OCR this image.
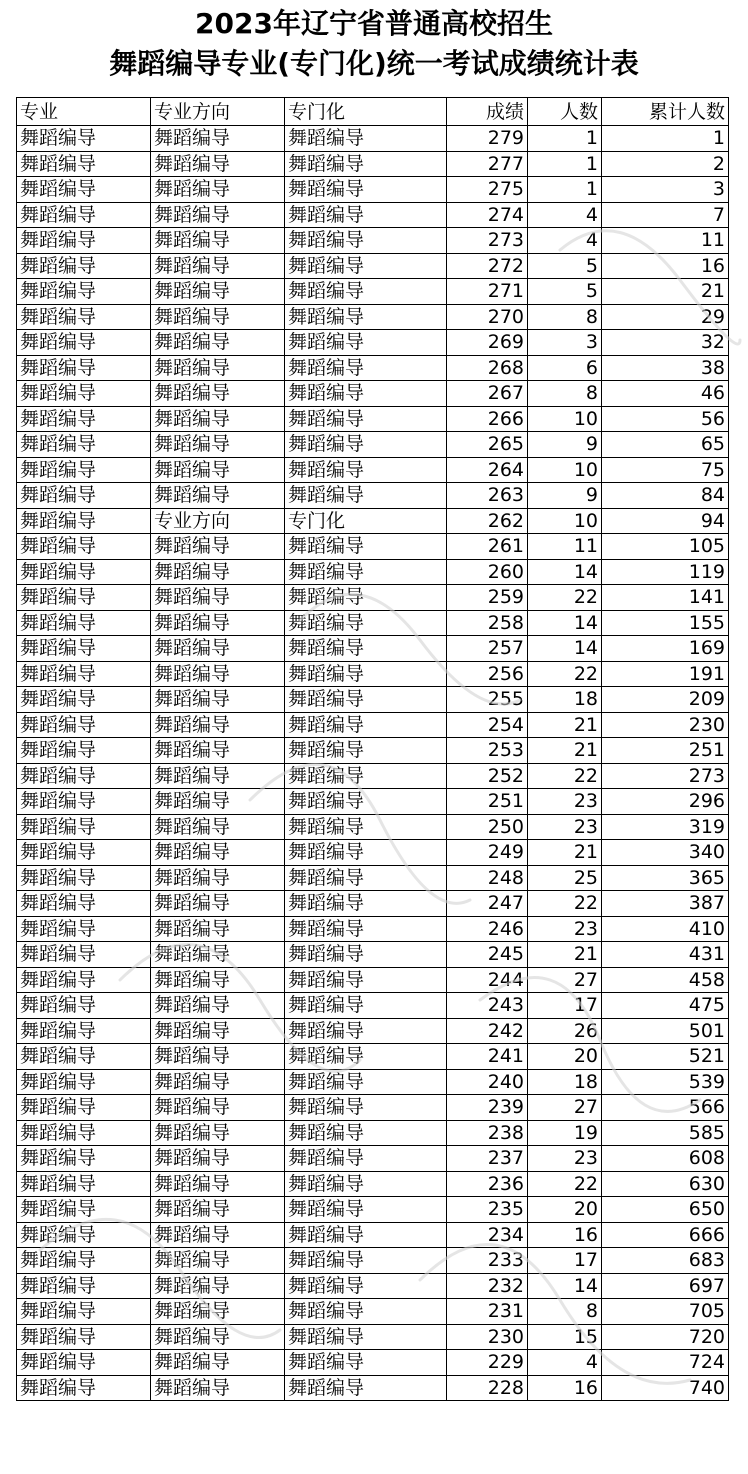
2023年辽宁省普通高校招生
舞蹈编导专业(专门化)统一考试成绩统计表
专业	专业方向	专门化	成绩	人数	累计人数
舞蹈编导	舞蹈编导	舞蹈编导	279	1	1
舞蹈编导	舞蹈编导	舞蹈编导	277	1	2
舞蹈编导	舞蹈编导	舞蹈编导	275	1	3
舞蹈编导	舞蹈编导	舞蹈编导	274	4	7
舞蹈编导	舞蹈编导	舞蹈编导	273	4	11
舞蹈编导	舞蹈编导	舞蹈编导	272	5	16
舞蹈编导	舞蹈编导	舞蹈编导	271	5	21
舞蹈编导	舞蹈编导	舞蹈编导	270	8	29
舞蹈编导	舞蹈编导	舞蹈编导	269	3	32
舞蹈编导	舞蹈编导	舞蹈编导	268	6	38
舞蹈编导	舞蹈编导	舞蹈编导	267	8	46
舞蹈编导	舞蹈编导	舞蹈编导	266	10	56
舞蹈编导	舞蹈编导	舞蹈编导	265	9	65
舞蹈编导	舞蹈编导	舞蹈编导	264	10	75
舞蹈编导	舞蹈编导	舞蹈编导	263	9	84
舞蹈编导	专业方向	专门化	262	10	94
舞蹈编导	舞蹈编导	舞蹈编导	261	11	105
舞蹈编导	舞蹈编导	舞蹈编导	260	14	119
舞蹈编导	舞蹈编导	舞蹈编导	259	22	141
舞蹈编导	舞蹈编导	舞蹈编导	258	14	155
舞蹈编导	舞蹈编导	舞蹈编导	257	14	169
舞蹈编导	舞蹈编导	舞蹈编导	256	22	191
舞蹈编导	舞蹈编导	舞蹈编导	255	18	209
舞蹈编导	舞蹈编导	舞蹈编导	254	21	230
舞蹈编导	舞蹈编导	舞蹈编导	253	21	251
舞蹈编导	舞蹈编导	舞蹈编导	252	22	273
舞蹈编导	舞蹈编导	舞蹈编导	251	23	296
舞蹈编导	舞蹈编导	舞蹈编导	250	23	319
舞蹈编导	舞蹈编导	舞蹈编导	249	21	340
舞蹈编导	舞蹈编导	舞蹈编导	248	25	365
舞蹈编导	舞蹈编导	舞蹈编导	247	22	387
舞蹈编导	舞蹈编导	舞蹈编导	246	23	410
舞蹈编导	舞蹈编导	舞蹈编导	245	21	431
舞蹈编导	舞蹈编导	舞蹈编导	244	27	458
舞蹈编导	舞蹈编导	舞蹈编导	243	17	475
舞蹈编导	舞蹈编导	舞蹈编导	242	26	501
舞蹈编导	舞蹈编导	舞蹈编导	241	20	521
舞蹈编导	舞蹈编导	舞蹈编导	240	18	539
舞蹈编导	舞蹈编导	舞蹈编导	239	27	566
舞蹈编导	舞蹈编导	舞蹈编导	238	19	585
舞蹈编导	舞蹈编导	舞蹈编导	237	23	608
舞蹈编导	舞蹈编导	舞蹈编导	236	22	630
舞蹈编导	舞蹈编导	舞蹈编导	235	20	650
舞蹈编导	舞蹈编导	舞蹈编导	234	16	666
舞蹈编导	舞蹈编导	舞蹈编导	233	17	683
舞蹈编导	舞蹈编导	舞蹈编导	232	14	697
舞蹈编导	舞蹈编导	舞蹈编导	231	8	705
舞蹈编导	舞蹈编导	舞蹈编导	230	15	720
舞蹈编导	舞蹈编导	舞蹈编导	229	4	724
舞蹈编导	舞蹈编导	舞蹈编导	228	16	740
